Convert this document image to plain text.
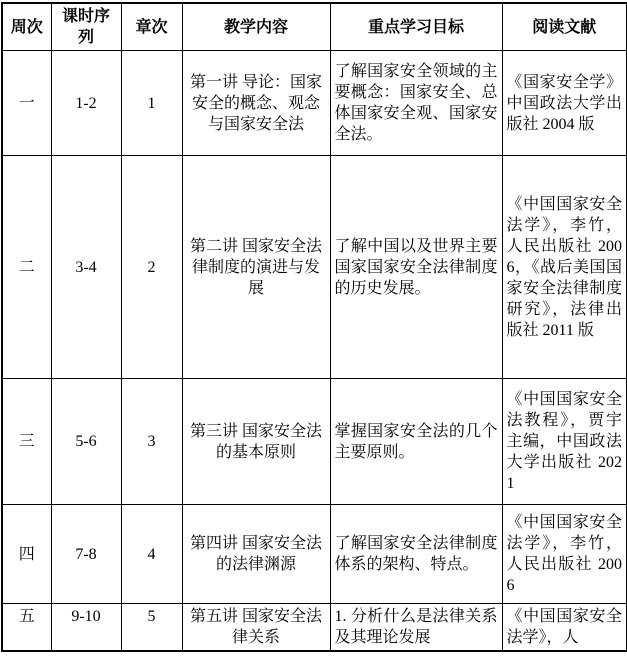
周次	课时序列	章次	教学内容	重点学习目标	阅读文献
一	1-2	1	第一讲 导论：国家安全的概念、观念与国家安全法	了解国家安全领域的主要概念：国家安全、总体国家安全观、国家安全法。	《国家安全学》中国政法大学出版社 2004 版
二	3-4	2	第二讲 国家安全法律制度的演进与发展	了解中国以及世界主要国家国家安全法律制度的历史发展。	《中国国家安全法学》，李竹，人民出版社 2006，《战后美国国家安全法律制度研究》，法律出版社 2011 版
三	5-6	3	第三讲 国家安全法的基本原则	掌握国家安全法的几个主要原则。	《中国国家安全法教程》，贾宇主编，中国政法大学出版社 2021
四	7-8	4	第四讲 国家安全法的法律渊源	了解国家安全法律制度体系的架构、特点。	《中国国家安全法学》，李竹，人民出版社 2006
五	9-10	5	第五讲 国家安全法律关系	1. 分析什么是法律关系及其理论发展	《中国国家安全法学》，人
